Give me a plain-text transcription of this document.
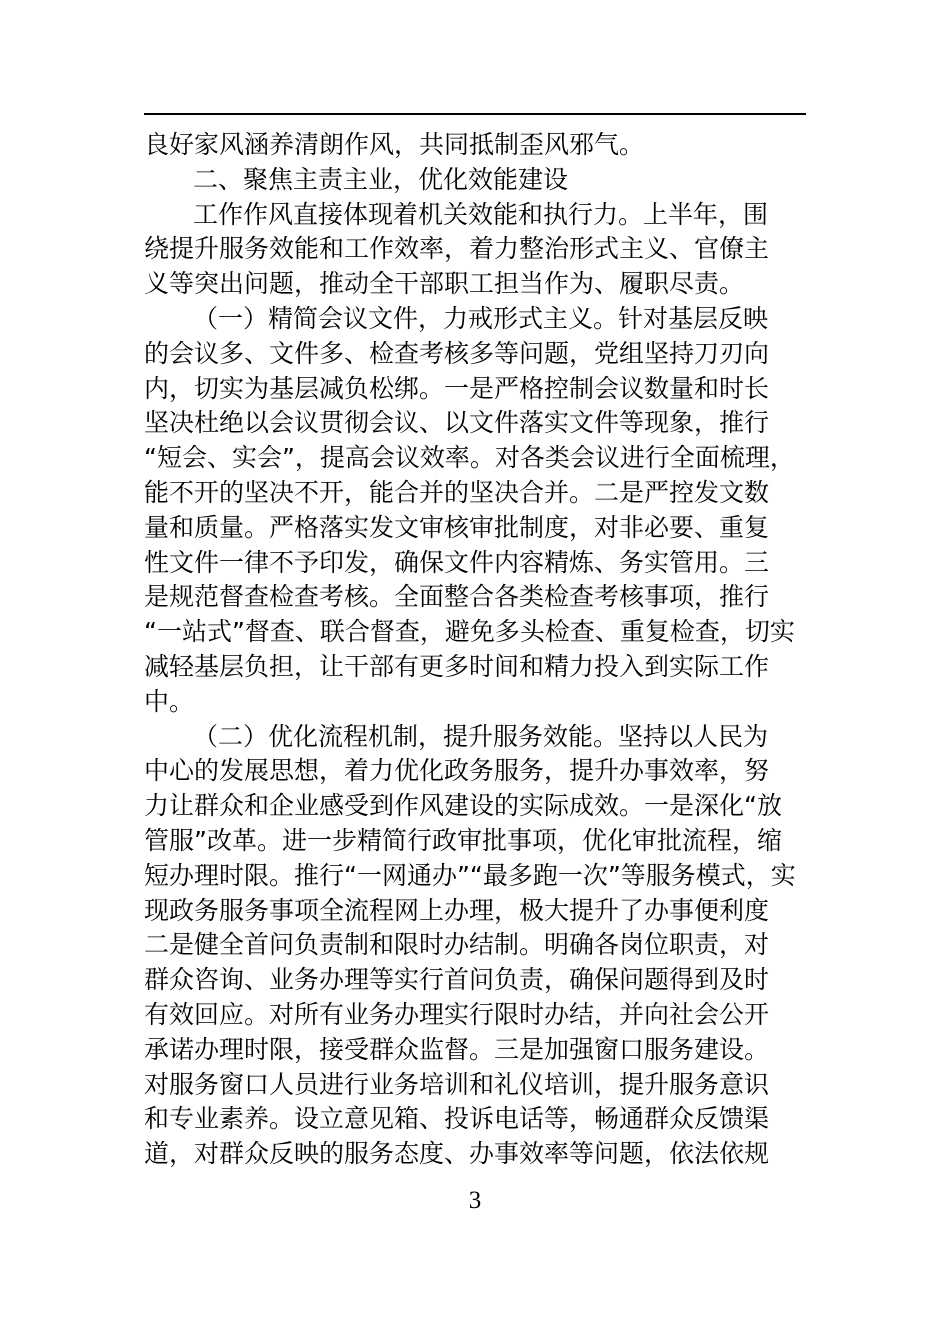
良好家风涵养清朗作风，共同抵制歪风邪气。
二、聚焦主责主业，优化效能建设
工作作风直接体现着机关效能和执行力。上半年，围
绕提升服务效能和工作效率，着力整治形式主义、官僚主
义等突出问题，推动全干部职工担当作为、履职尽责。
（一）精简会议文件，力戒形式主义。针对基层反映
的会议多、文件多、检查考核多等问题，党组坚持刀刃向
内，切实为基层减负松绑。一是严格控制会议数量和时长
坚决杜绝以会议贯彻会议、以文件落实文件等现象，推行
“短会、实会”，提高会议效率。对各类会议进行全面梳理，
能不开的坚决不开，能合并的坚决合并。二是严控发文数
量和质量。严格落实发文审核审批制度，对非必要、重复
性文件一律不予印发，确保文件内容精炼、务实管用。三
是规范督查检查考核。全面整合各类检查考核事项，推行
“一站式”督查、联合督查，避免多头检查、重复检查，切实
减轻基层负担，让干部有更多时间和精力投入到实际工作
中。
（二）优化流程机制，提升服务效能。坚持以人民为
中心的发展思想，着力优化政务服务，提升办事效率，努
力让群众和企业感受到作风建设的实际成效。一是深化“放
管服”改革。进一步精简行政审批事项，优化审批流程，缩
短办理时限。推行“一网通办”“最多跑一次”等服务模式，实
现政务服务事项全流程网上办理，极大提升了办事便利度
二是健全首问负责制和限时办结制。明确各岗位职责，对
群众咨询、业务办理等实行首问负责，确保问题得到及时
有效回应。对所有业务办理实行限时办结，并向社会公开
承诺办理时限，接受群众监督。三是加强窗口服务建设。
对服务窗口人员进行业务培训和礼仪培训，提升服务意识
和专业素养。设立意见箱、投诉电话等，畅通群众反馈渠
道，对群众反映的服务态度、办事效率等问题，依法依规
3
